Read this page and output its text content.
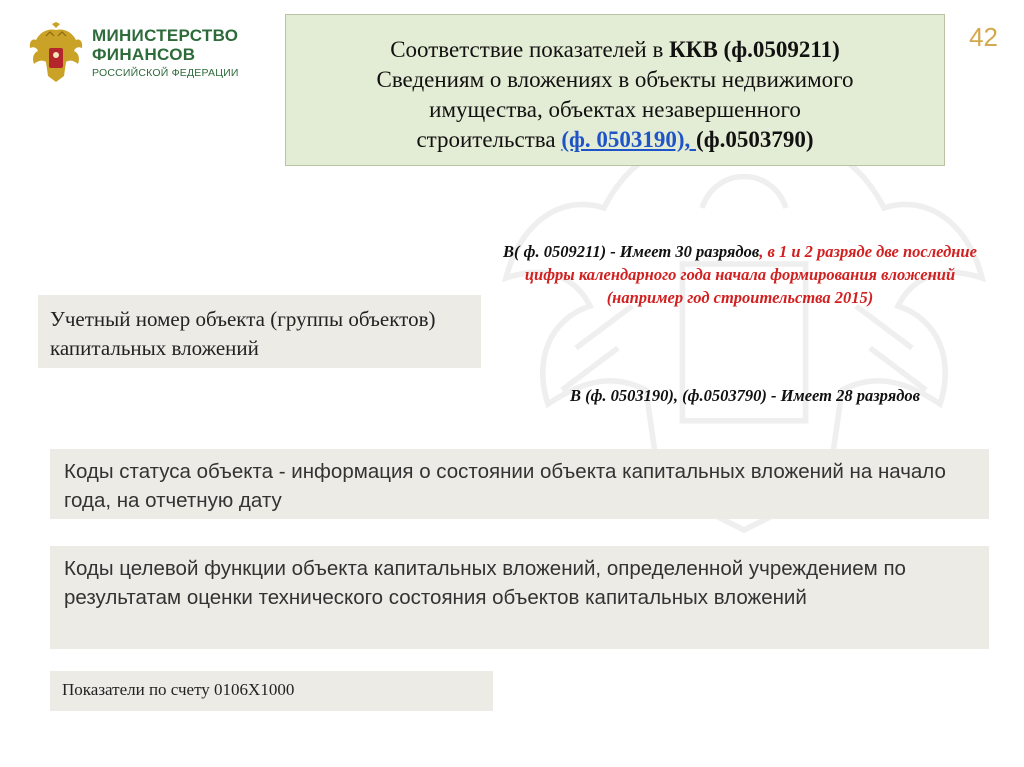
МИНИСТЕРСТВО
ФИНАНСОВ
РОССИЙСКОЙ ФЕДЕРАЦИИ
42
Соответствие показателей в ККВ (ф.0509211)
Сведениям о вложениях в объекты недвижимого
имущества, объектах незавершенного
строительства (ф. 0503190), (ф.0503790)
В( ф. 0509211) - Имеет 30 разрядов, в 1 и 2 разряде две последние цифры календарного года начала формирования вложений (например год строительства 2015)
Учетный номер объекта (группы объектов) капитальных вложений
В (ф. 0503190), (ф.0503790) - Имеет 28 разрядов
Коды статуса объекта - информация о состоянии объекта капитальных вложений на начало года, на отчетную дату
Коды целевой функции объекта капитальных вложений, определенной учреждением по результатам оценки технического состояния объектов капитальных вложений
Показатели по счету 0106Х1000
